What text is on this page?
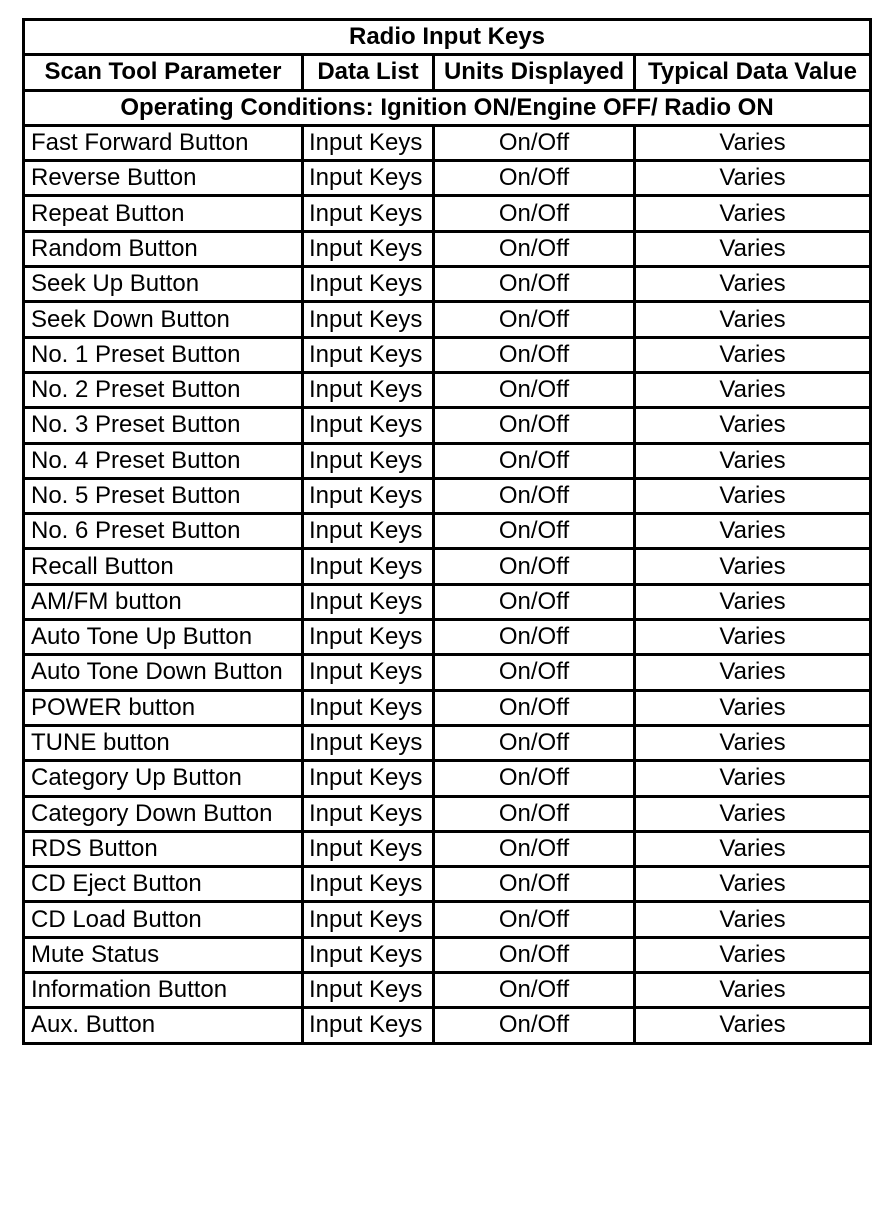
Radio Input Keys			
Scan Tool Parameter	Data List	Units Displayed	Typical Data Value
Operating Conditions: Ignition ON/Engine OFF/ Radio ON			
Fast Forward Button	Input Keys	On/Off	Varies
Reverse Button	Input Keys	On/Off	Varies
Repeat Button	Input Keys	On/Off	Varies
Random Button	Input Keys	On/Off	Varies
Seek Up Button	Input Keys	On/Off	Varies
Seek Down Button	Input Keys	On/Off	Varies
No. 1 Preset Button	Input Keys	On/Off	Varies
No. 2 Preset Button	Input Keys	On/Off	Varies
No. 3 Preset Button	Input Keys	On/Off	Varies
No. 4 Preset Button	Input Keys	On/Off	Varies
No. 5 Preset Button	Input Keys	On/Off	Varies
No. 6 Preset Button	Input Keys	On/Off	Varies
Recall Button	Input Keys	On/Off	Varies
AM/FM button	Input Keys	On/Off	Varies
Auto Tone Up Button	Input Keys	On/Off	Varies
Auto Tone Down Button	Input Keys	On/Off	Varies
POWER button	Input Keys	On/Off	Varies
TUNE button	Input Keys	On/Off	Varies
Category Up Button	Input Keys	On/Off	Varies
Category Down Button	Input Keys	On/Off	Varies
RDS Button	Input Keys	On/Off	Varies
CD Eject Button	Input Keys	On/Off	Varies
CD Load Button	Input Keys	On/Off	Varies
Mute Status	Input Keys	On/Off	Varies
Information Button	Input Keys	On/Off	Varies
Aux. Button	Input Keys	On/Off	Varies
